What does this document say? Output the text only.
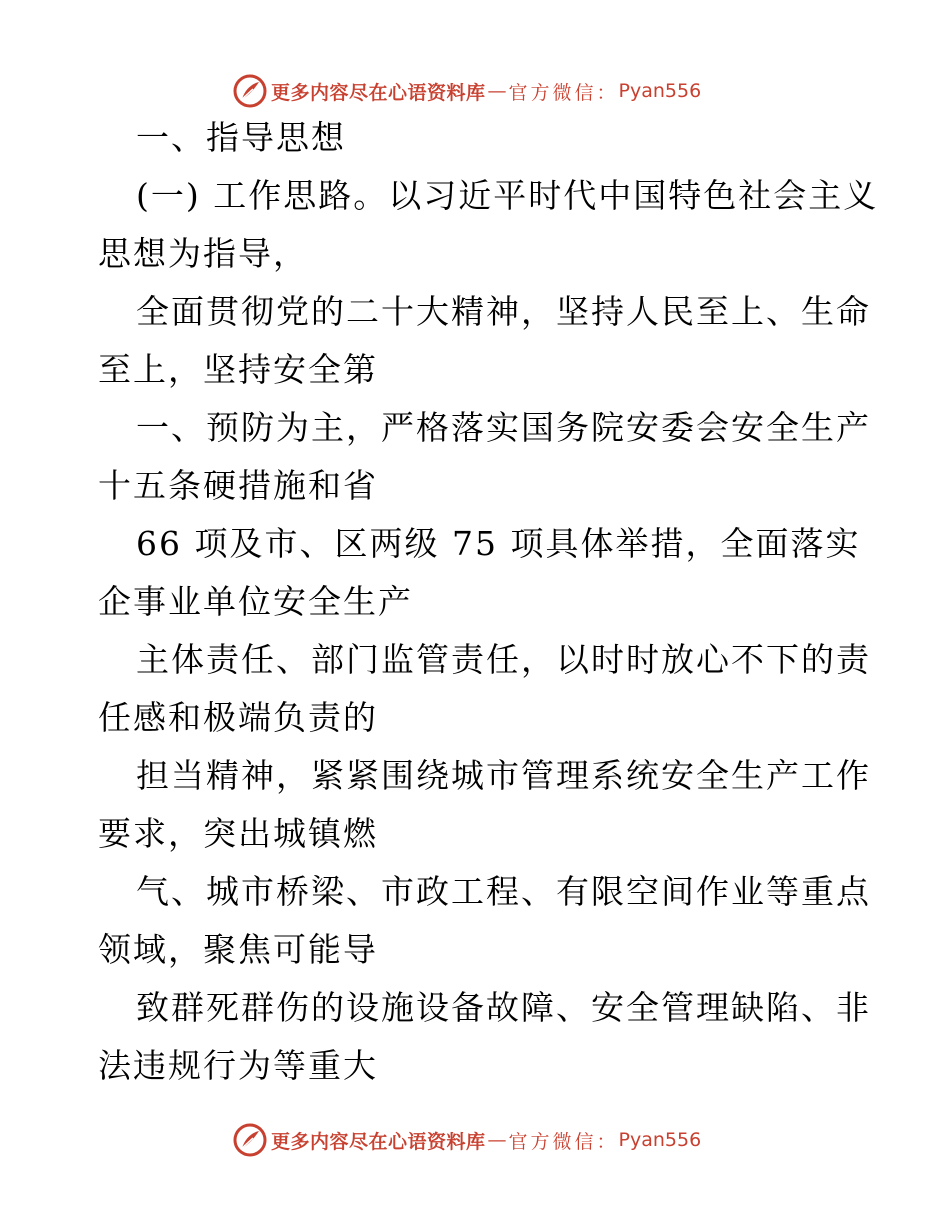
更多内容尽在心语资料库 — 官方微信： Pyan556
一、指导思想
(一) 工作思路。以习近平时代中国特色社会主义
思想为指导，
全面贯彻党的二十大精神，坚持人民至上、生命
至上，坚持安全第
一、预防为主，严格落实国务院安委会安全生产
十五条硬措施和省
66 项及市、区两级 75 项具体举措，全面落实
企事业单位安全生产
主体责任、部门监管责任，以时时放心不下的责
任感和极端负责的
担当精神，紧紧围绕城市管理系统安全生产工作
要求，突出城镇燃
气、城市桥梁、市政工程、有限空间作业等重点
领域，聚焦可能导
致群死群伤的设施设备故障、安全管理缺陷、非
法违规行为等重大
更多内容尽在心语资料库 — 官方微信： Pyan556
